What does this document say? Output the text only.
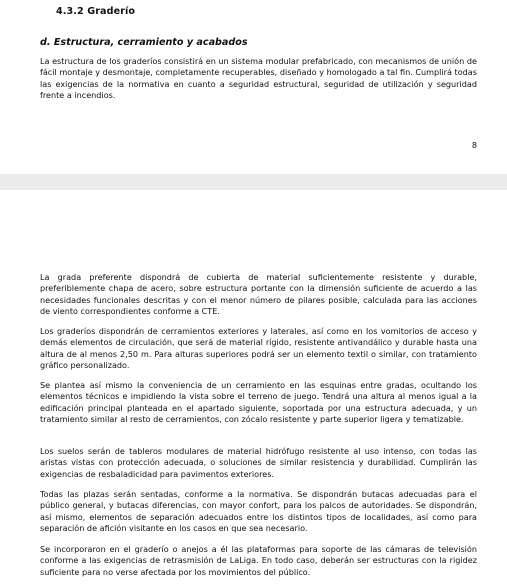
4.3.2 Graderío
d. Estructura, cerramiento y acabados

La estructura de los graderíos consistirá en un sistema modular prefabricado, con mecanismos de unión de fácil montaje y desmontaje, completamente recuperables, diseñado y homologado a tal fin. Cumplirá todas las exigencias de la normativa en cuanto a seguridad estructural, seguridad de utilización y seguridad frente a incendios.

8

La grada preferente dispondrá de cubierta de material suficientemente resistente y durable, preferiblemente chapa de acero, sobre estructura portante con la dimensión suficiente de acuerdo a las necesidades funcionales descritas y con el menor número de pilares posible, calculada para las acciones de viento correspondientes conforme a CTE.

Los graderíos dispondrán de cerramientos exteriores y laterales, así como en los vomitorios de acceso y demás elementos de circulación, que será de material rígido, resistente antivandálico y durable hasta una altura de al menos 2,50 m. Para alturas superiores podrá ser un elemento textil o similar, con tratamiento gráfico personalizado.

Se plantea así mismo la conveniencia de un cerramiento en las esquinas entre gradas, ocultando los elementos técnicos e impidiendo la vista sobre el terreno de juego. Tendrá una altura al menos igual a la edificación principal planteada en el apartado siguiente, soportada por una estructura adecuada, y un tratamiento similar al resto de cerramientos, con zócalo resistente y parte superior ligera y tematizable.

Los suelos serán de tableros modulares de material hidrófugo resistente al uso intenso, con todas las aristas vistas con protección adecuada, o soluciones de similar resistencia y durabilidad. Cumplirán las exigencias de resbaladicidad para pavimentos exteriores.

Todas las plazas serán sentadas, conforme a la normativa. Se dispondrán butacas adecuadas para el público general, y butacas diferencias, con mayor confort, para los palcos de autoridades. Se dispondrán, así mismo, elementos de separación adecuados entre los distintos tipos de localidades, así como para separación de afición visitante en los casos en que sea necesario.

Se incorporaron en el graderío o anejos a él las plataformas para soporte de las cámaras de televisión conforme a las exigencias de retrasmisión de LaLiga. En todo caso, deberán ser estructuras con la rigidez suficiente para no verse afectada por los movimientos del público.
